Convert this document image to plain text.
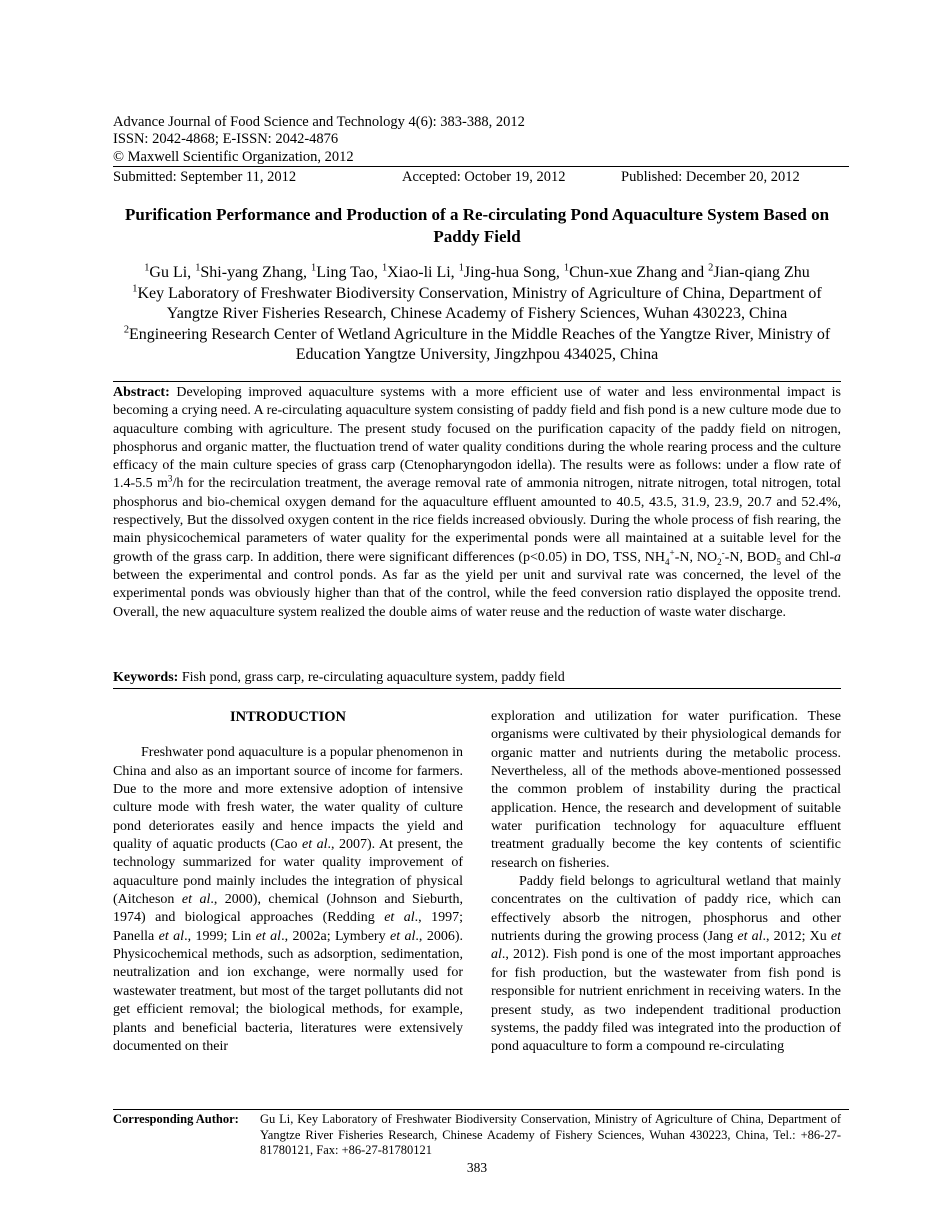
Advance Journal of Food Science and Technology 4(6): 383-388, 2012
ISSN: 2042-4868; E-ISSN: 2042-4876
© Maxwell Scientific Organization, 2012
Submitted: September 11, 2012	Accepted: October 19, 2012	Published: December 20, 2012
Purification Performance and Production of a Re-circulating Pond Aquaculture System Based on Paddy Field

$^1$Gu Li, $^1$Shi-yang Zhang, $^1$Ling Tao, $^1$Xiao-li Li, $^1$Jing-hua Song, $^1$Chun-xue Zhang and $^2$Jian-qiang Zhu

$^1$Key Laboratory of Freshwater Biodiversity Conservation, Ministry of Agriculture of China, Department of Yangtze River Fisheries Research, Chinese Academy of Fishery Sciences, Wuhan 430223, China

$^2$Engineering Research Center of Wetland Agriculture in the Middle Reaches of the Yangtze River, Ministry of Education Yangtze University, Jingzhpou 434025, China

Abstract: Developing improved aquaculture systems with a more efficient use of water and less environmental impact is becoming a crying need. A re-circulating aquaculture system consisting of paddy field and fish pond is a new culture mode due to aquaculture combing with agriculture. The present study focused on the purification capacity of the paddy field on nitrogen, phosphorus and organic matter, the fluctuation trend of water quality conditions during the whole rearing process and the culture efficacy of the main culture species of grass carp (Ctenopharyngodon idella). The results were as follows: under a flow rate of 1.4-5.5 $m^3/h$ for the recirculation treatment, the average removal rate of ammonia nitrogen, nitrate nitrogen, total nitrogen, total phosphorus and bio-chemical oxygen demand for the aquaculture effluent amounted to 40.5, 43.5, 31.9, 23.9, 20.7 and 52.4%, respectively, But the dissolved oxygen content in the rice fields increased obviously. During the whole process of fish rearing, the main physicochemical parameters of water quality for the experimental ponds were all maintained at a suitable level for the growth of the grass carp. In addition, there were significant differences (p<0.05) in DO, TSS, $NH_4^+-N$, $NO_2^--N$, $BOD_5$ and Chl-a between the experimental and control ponds. As far as the yield per unit and survival rate was concerned, the level of the experimental ponds was obviously higher than that of the control, while the feed conversion ratio displayed the opposite trend. Overall, the new aquaculture system realized the double aims of water reuse and the reduction of waste water discharge.

Keywords: Fish pond, grass carp, re-circulating aquaculture system, paddy field

INTRODUCTION

Freshwater pond aquaculture is a popular phenomenon in China and also as an important source of income for farmers. Due to the more and more extensive adoption of intensive culture mode with fresh water, the water quality of culture pond deteriorates easily and hence impacts the yield and quality of aquatic products (Cao et al., 2007). At present, the technology summarized for water quality improvement of aquaculture pond mainly includes the integration of physical (Aitcheson et al., 2000), chemical (Johnson and Sieburth, 1974) and biological approaches (Redding et al., 1997; Panella et al., 1999; Lin et al., 2002a; Lymbery et al., 2006). Physicochemical methods, such as adsorption, sedimentation, neutralization and ion exchange, were normally used for wastewater treatment, but most of the target pollutants did not get efficient removal; the biological methods, for example, plants and beneficial bacteria, literatures were extensively documented on their

exploration and utilization for water purification. These organisms were cultivated by their physiological demands for organic matter and nutrients during the metabolic process. Nevertheless, all of the methods above-mentioned possessed the common problem of instability during the practical application. Hence, the research and development of suitable water purification technology for aquaculture effluent treatment gradually become the key contents of scientific research on fisheries.

Paddy field belongs to agricultural wetland that mainly concentrates on the cultivation of paddy rice, which can effectively absorb the nitrogen, phosphorus and other nutrients during the growing process (Jang et al., 2012; Xu et al., 2012). Fish pond is one of the most important approaches for fish production, but the wastewater from fish pond is responsible for nutrient enrichment in receiving waters. In the present study, as two independent traditional production systems, the paddy filed was integrated into the production of pond aquaculture to form a compound re-circulating

Corresponding Author:	Gu Li, Key Laboratory of Freshwater Biodiversity Conservation, Ministry of Agriculture of China, Department of Yangtze River Fisheries Research, Chinese Academy of Fishery Sciences, Wuhan 430223, China, Tel.: +86-27-81780121, Fax: +86-27-81780121
383
